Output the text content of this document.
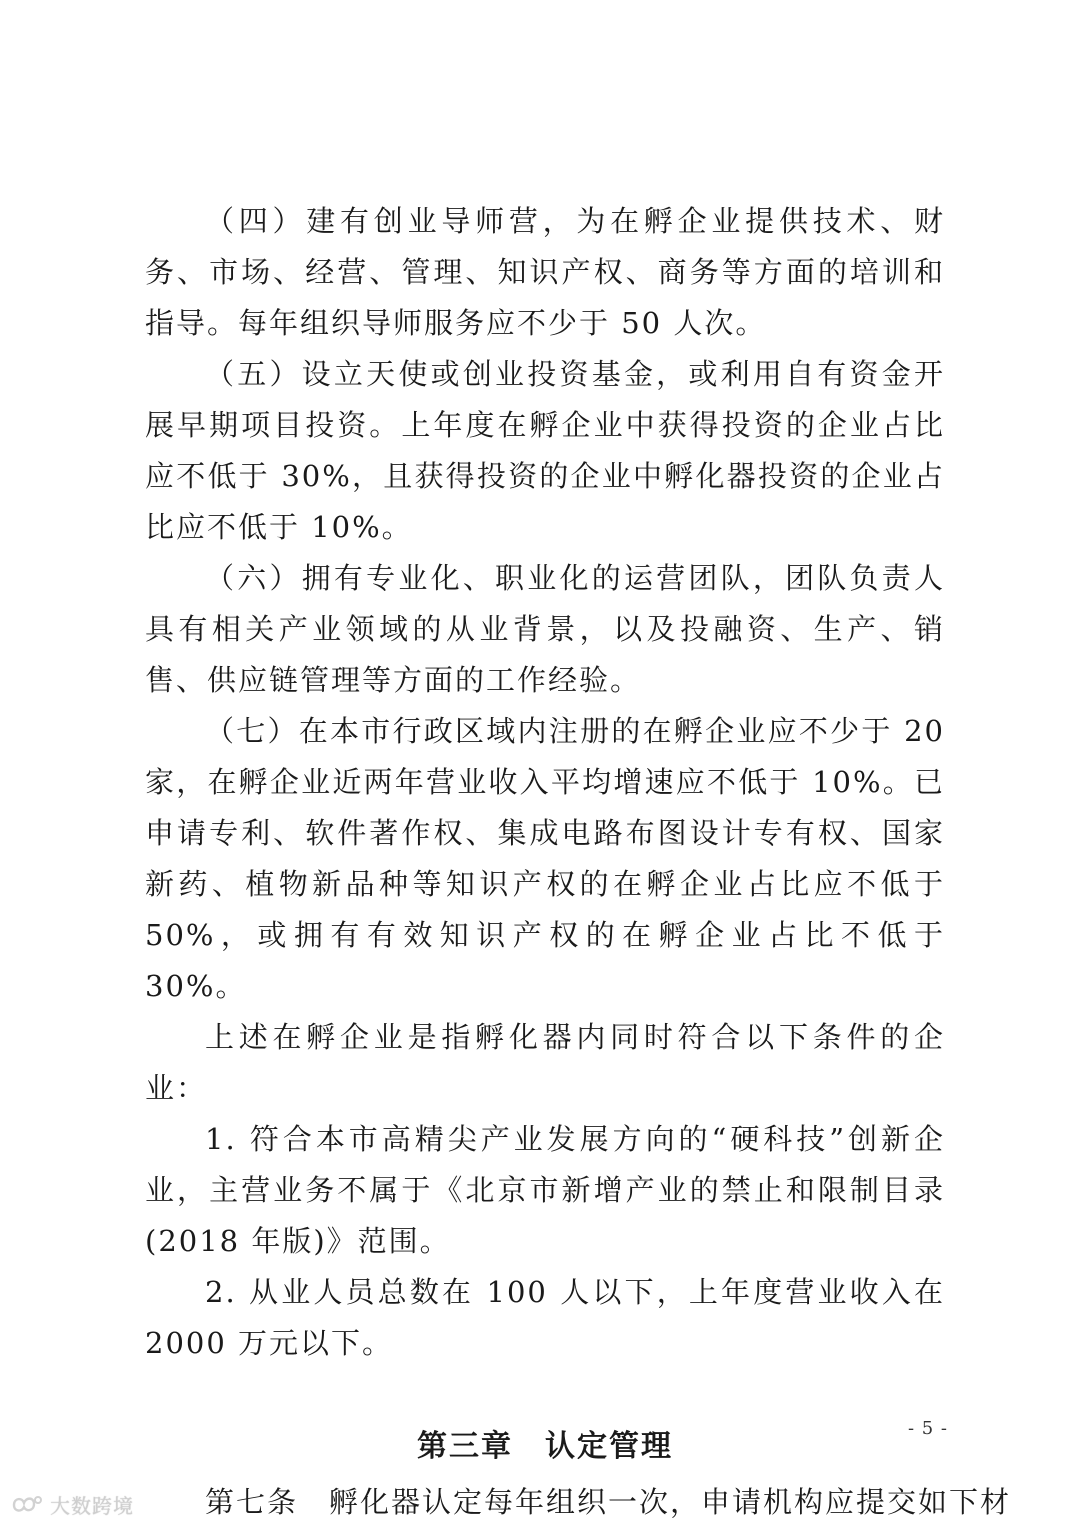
（四）建有创业导师营，为在孵企业提供技术、财务、市场、经营、管理、知识产权、商务等方面的培训和指导。每年组织导师服务应不少于 50 人次。

（五）设立天使或创业投资基金，或利用自有资金开展早期项目投资。上年度在孵企业中获得投资的企业占比应不低于 30%，且获得投资的企业中孵化器投资的企业占比应不低于 10%。

（六）拥有专业化、职业化的运营团队，团队负责人具有相关产业领域的从业背景，以及投融资、生产、销售、供应链管理等方面的工作经验。

（七）在本市行政区域内注册的在孵企业应不少于 20 家，在孵企业近两年营业收入平均增速应不低于 10%。已申请专利、软件著作权、集成电路布图设计专有权、国家新药、植物新品种等知识产权的在孵企业占比应不低于 50%，或拥有有效知识产权的在孵企业占比不低于 30%。

上述在孵企业是指孵化器内同时符合以下条件的企业：

1. 符合本市高精尖产业发展方向的“硬科技”创新企业，主营业务不属于《北京市新增产业的禁止和限制目录(2018 年版)》范围。

2. 从业人员总数在 100 人以下，上年度营业收入在 2000 万元以下。

第三章　认定管理

第七条　孵化器认定每年组织一次，申请机构应提交如下材

- 5 -
大数跨境
